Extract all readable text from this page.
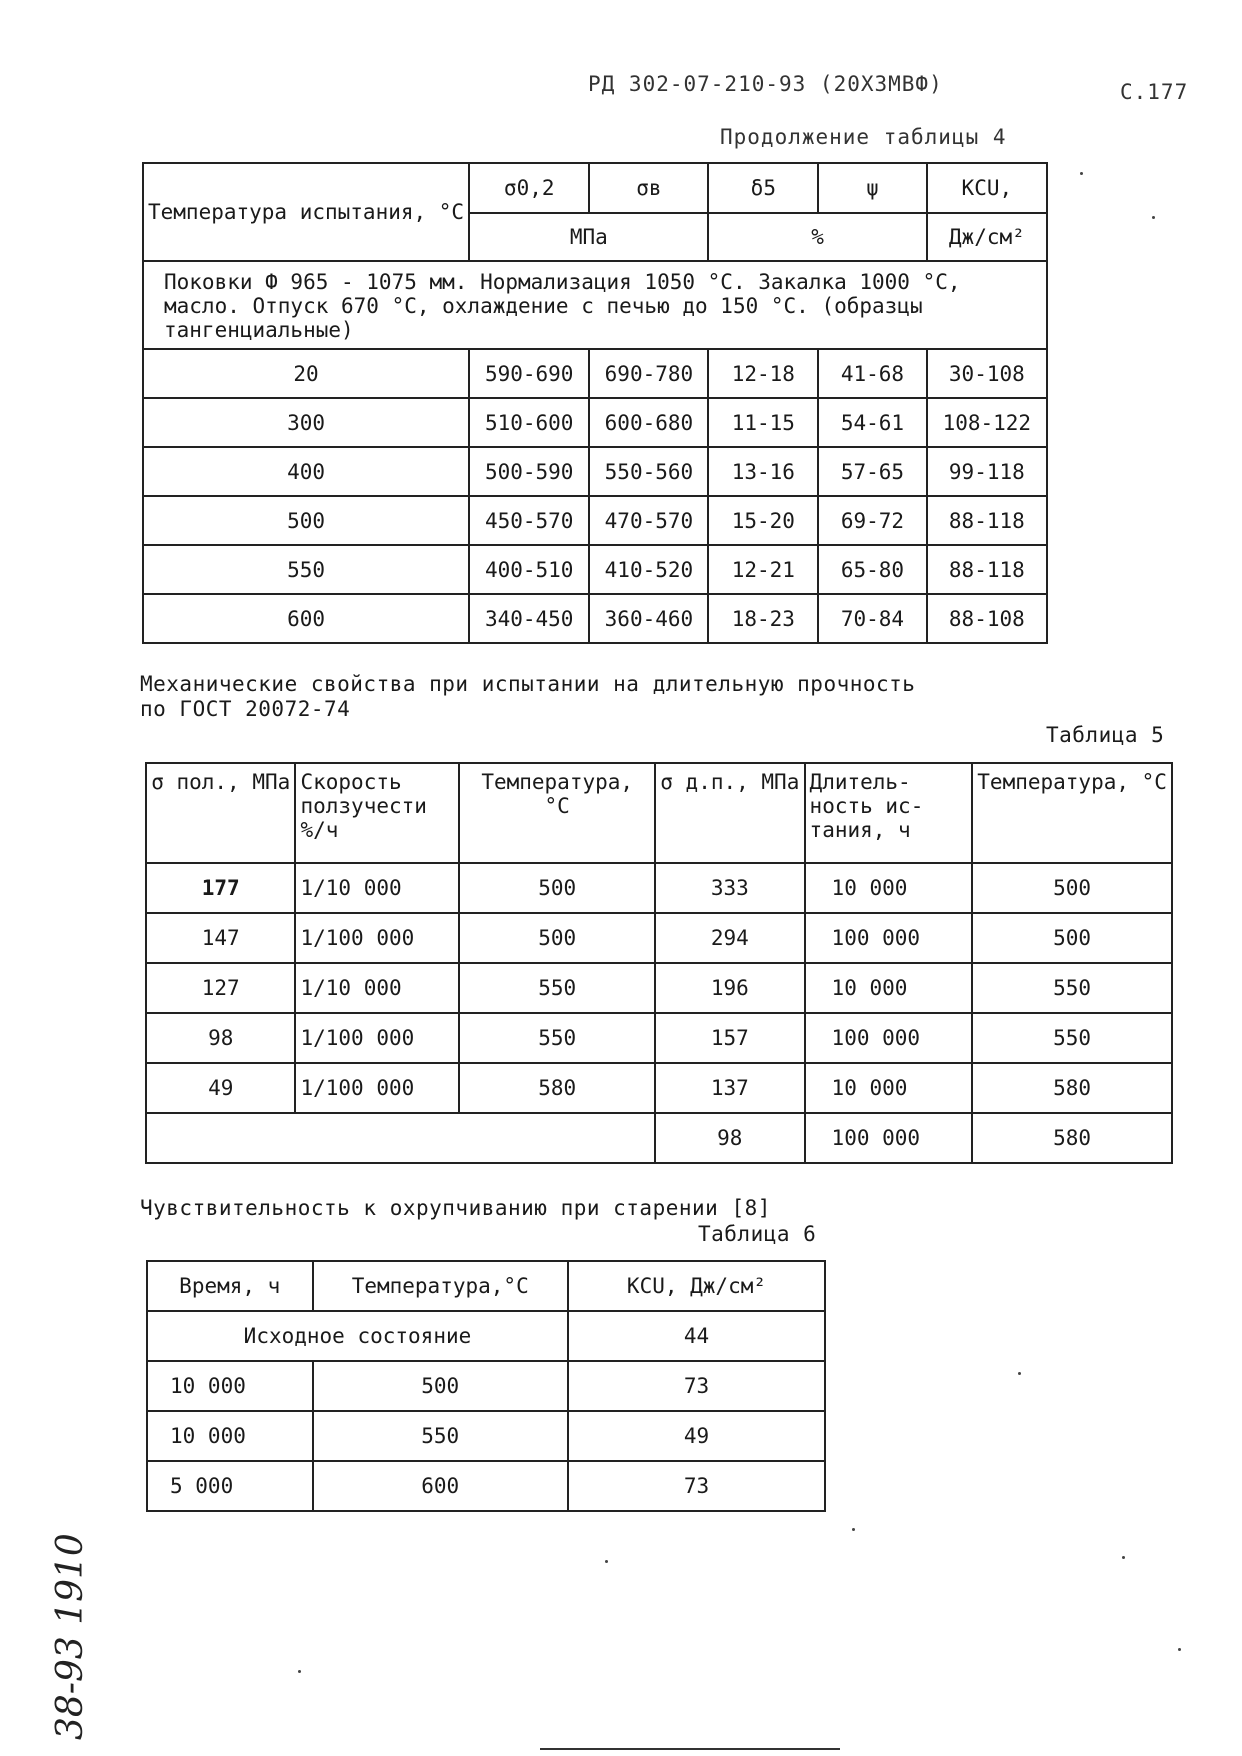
РД 302-07-210-93 (20Х3МВФ)	С.177
Продолжение таблицы 4
Температура испытания, °С	σ0,2	σв	δ5	ψ	KCU,
	МПа		%		Дж/см²
Поковки Ф 965 - 1075 мм. Нормализация 1050 °С. Закалка 1000 °С, масло. Отпуск 670 °С, охлаждение с печью до 150 °С. (образцы тангенциальные)					
20	590-690	690-780	12-18	41-68	30-108
300	510-600	600-680	11-15	54-61	108-122
400	500-590	550-560	13-16	57-65	99-118
500	450-570	470-570	15-20	69-72	88-118
550	400-510	410-520	12-21	65-80	88-118
600	340-450	360-460	18-23	70-84	88-108
Механические свойства при испытании на длительную прочность
по ГОСТ 20072-74
Таблица 5
σ пол., МПа	Скорость ползучести %/ч	Температура, °С	σ д.п., МПа	Длитель-ность ис-тания, ч	Температура, °С
177	1/10 000	500	333	10 000	500
147	1/100 000	500	294	100 000	500
127	1/10 000	550	196	10 000	550
98	1/100 000	550	157	100 000	550
49	1/100 000	580	137	10 000	580
			98	100 000	580
Чувствительность к охрупчиванию при старении [8]
Таблица 6
Время, ч	Температура,°С	KCU, Дж/см²
Исходное состояние		44
10 000	500	73
10 000	550	49
5 000	600	73
38-93 1910
